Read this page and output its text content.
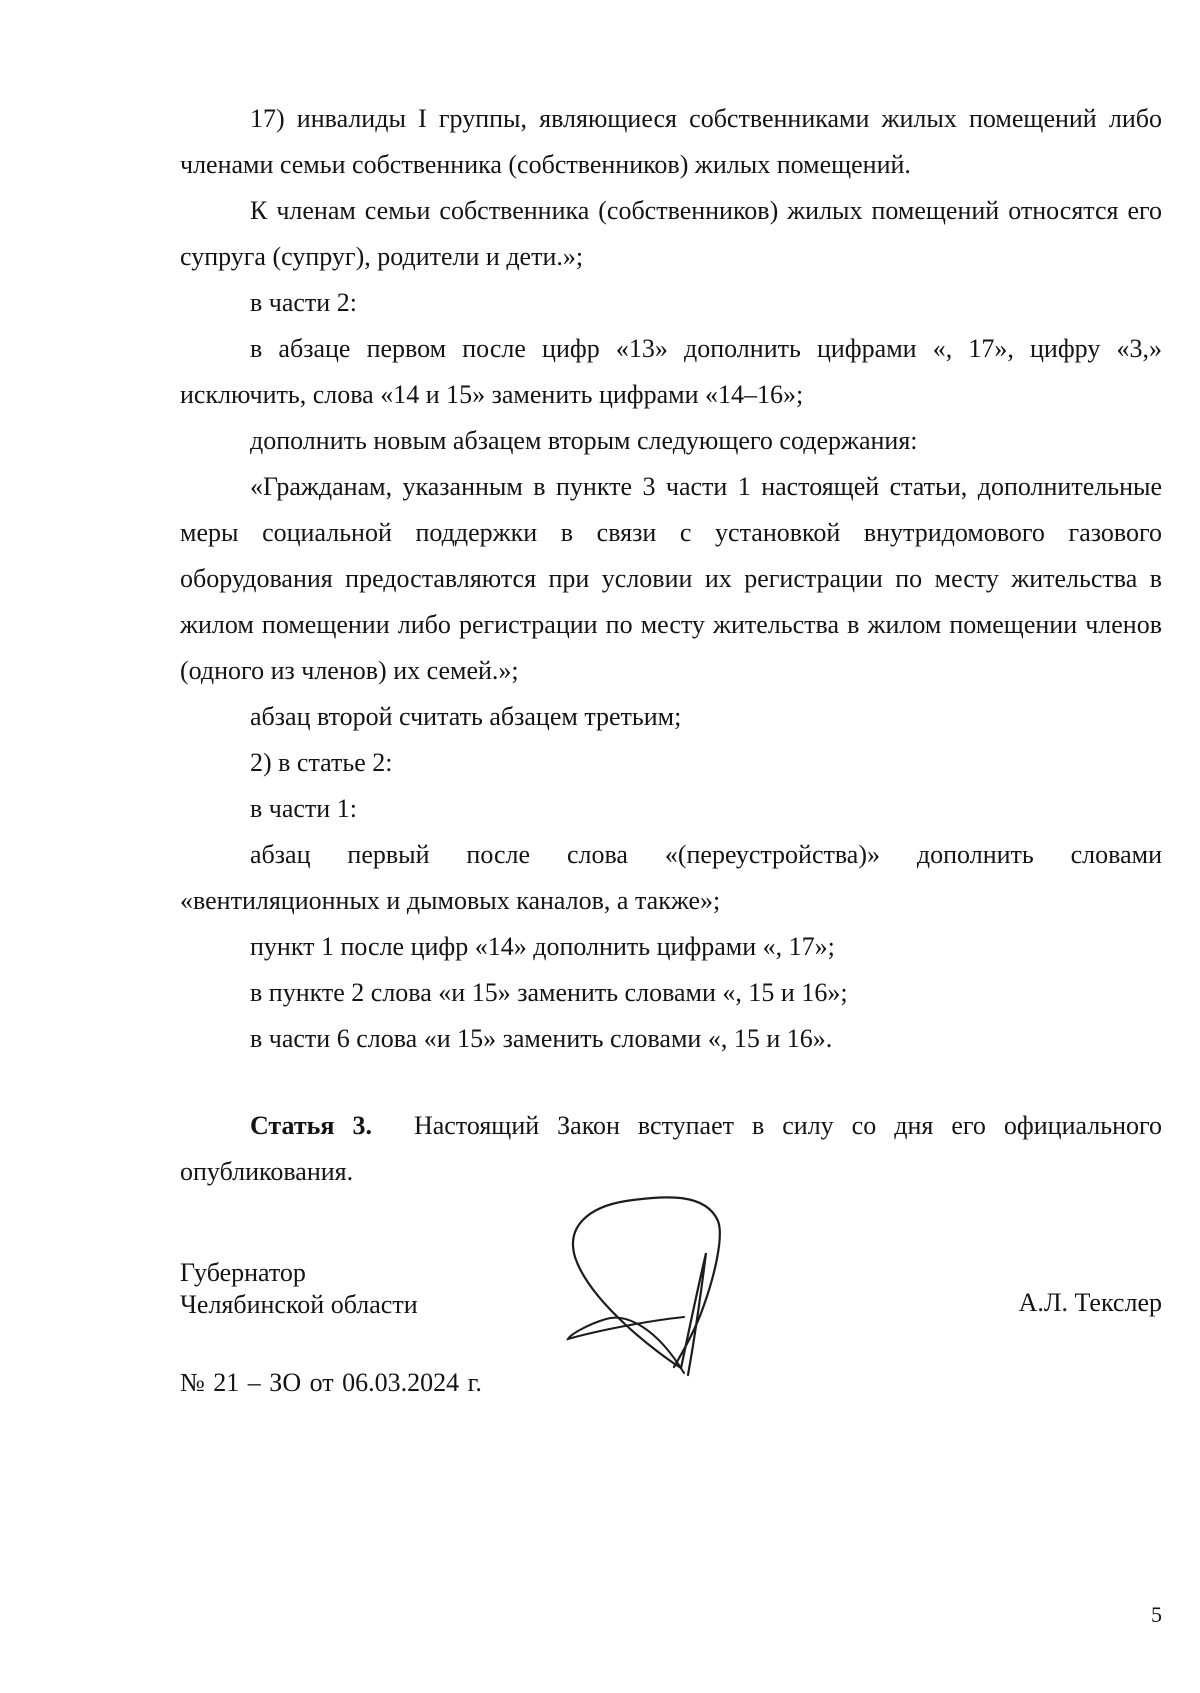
17) инвалиды I группы, являющиеся собственниками жилых помещений либо членами семьи собственника (собственников) жилых помещений.

К членам семьи собственника (собственников) жилых помещений относятся его супруга (супруг), родители и дети.»;

в части 2:

в абзаце первом после цифр «13» дополнить цифрами «, 17», цифру «3,» исключить, слова «14 и 15» заменить цифрами «14–16»;

дополнить новым абзацем вторым следующего содержания:

«Гражданам, указанным в пункте 3 части 1 настоящей статьи, дополнительные меры социальной поддержки в связи с установкой внутридомового газового оборудования предоставляются при условии их регистрации по месту жительства в жилом помещении либо регистрации по месту жительства в жилом помещении членов (одного из членов) их семей.»;

абзац второй считать абзацем третьим;

2) в статье 2:

в части 1:

абзац первый после слова «(переустройства)» дополнить словами «вентиляционных и дымовых каналов, а также»;

пункт 1 после цифр «14» дополнить цифрами «, 17»;

в пункте 2 слова «и 15» заменить словами «, 15 и 16»;

в части 6 слова «и 15» заменить словами «, 15 и 16».

Статья 3. Настоящий Закон вступает в силу со дня его официального опубликования.
Губернатор
Челябинской области	А.Л. Текслер
№ 21 – ЗО от 06.03.2024 г.
5
